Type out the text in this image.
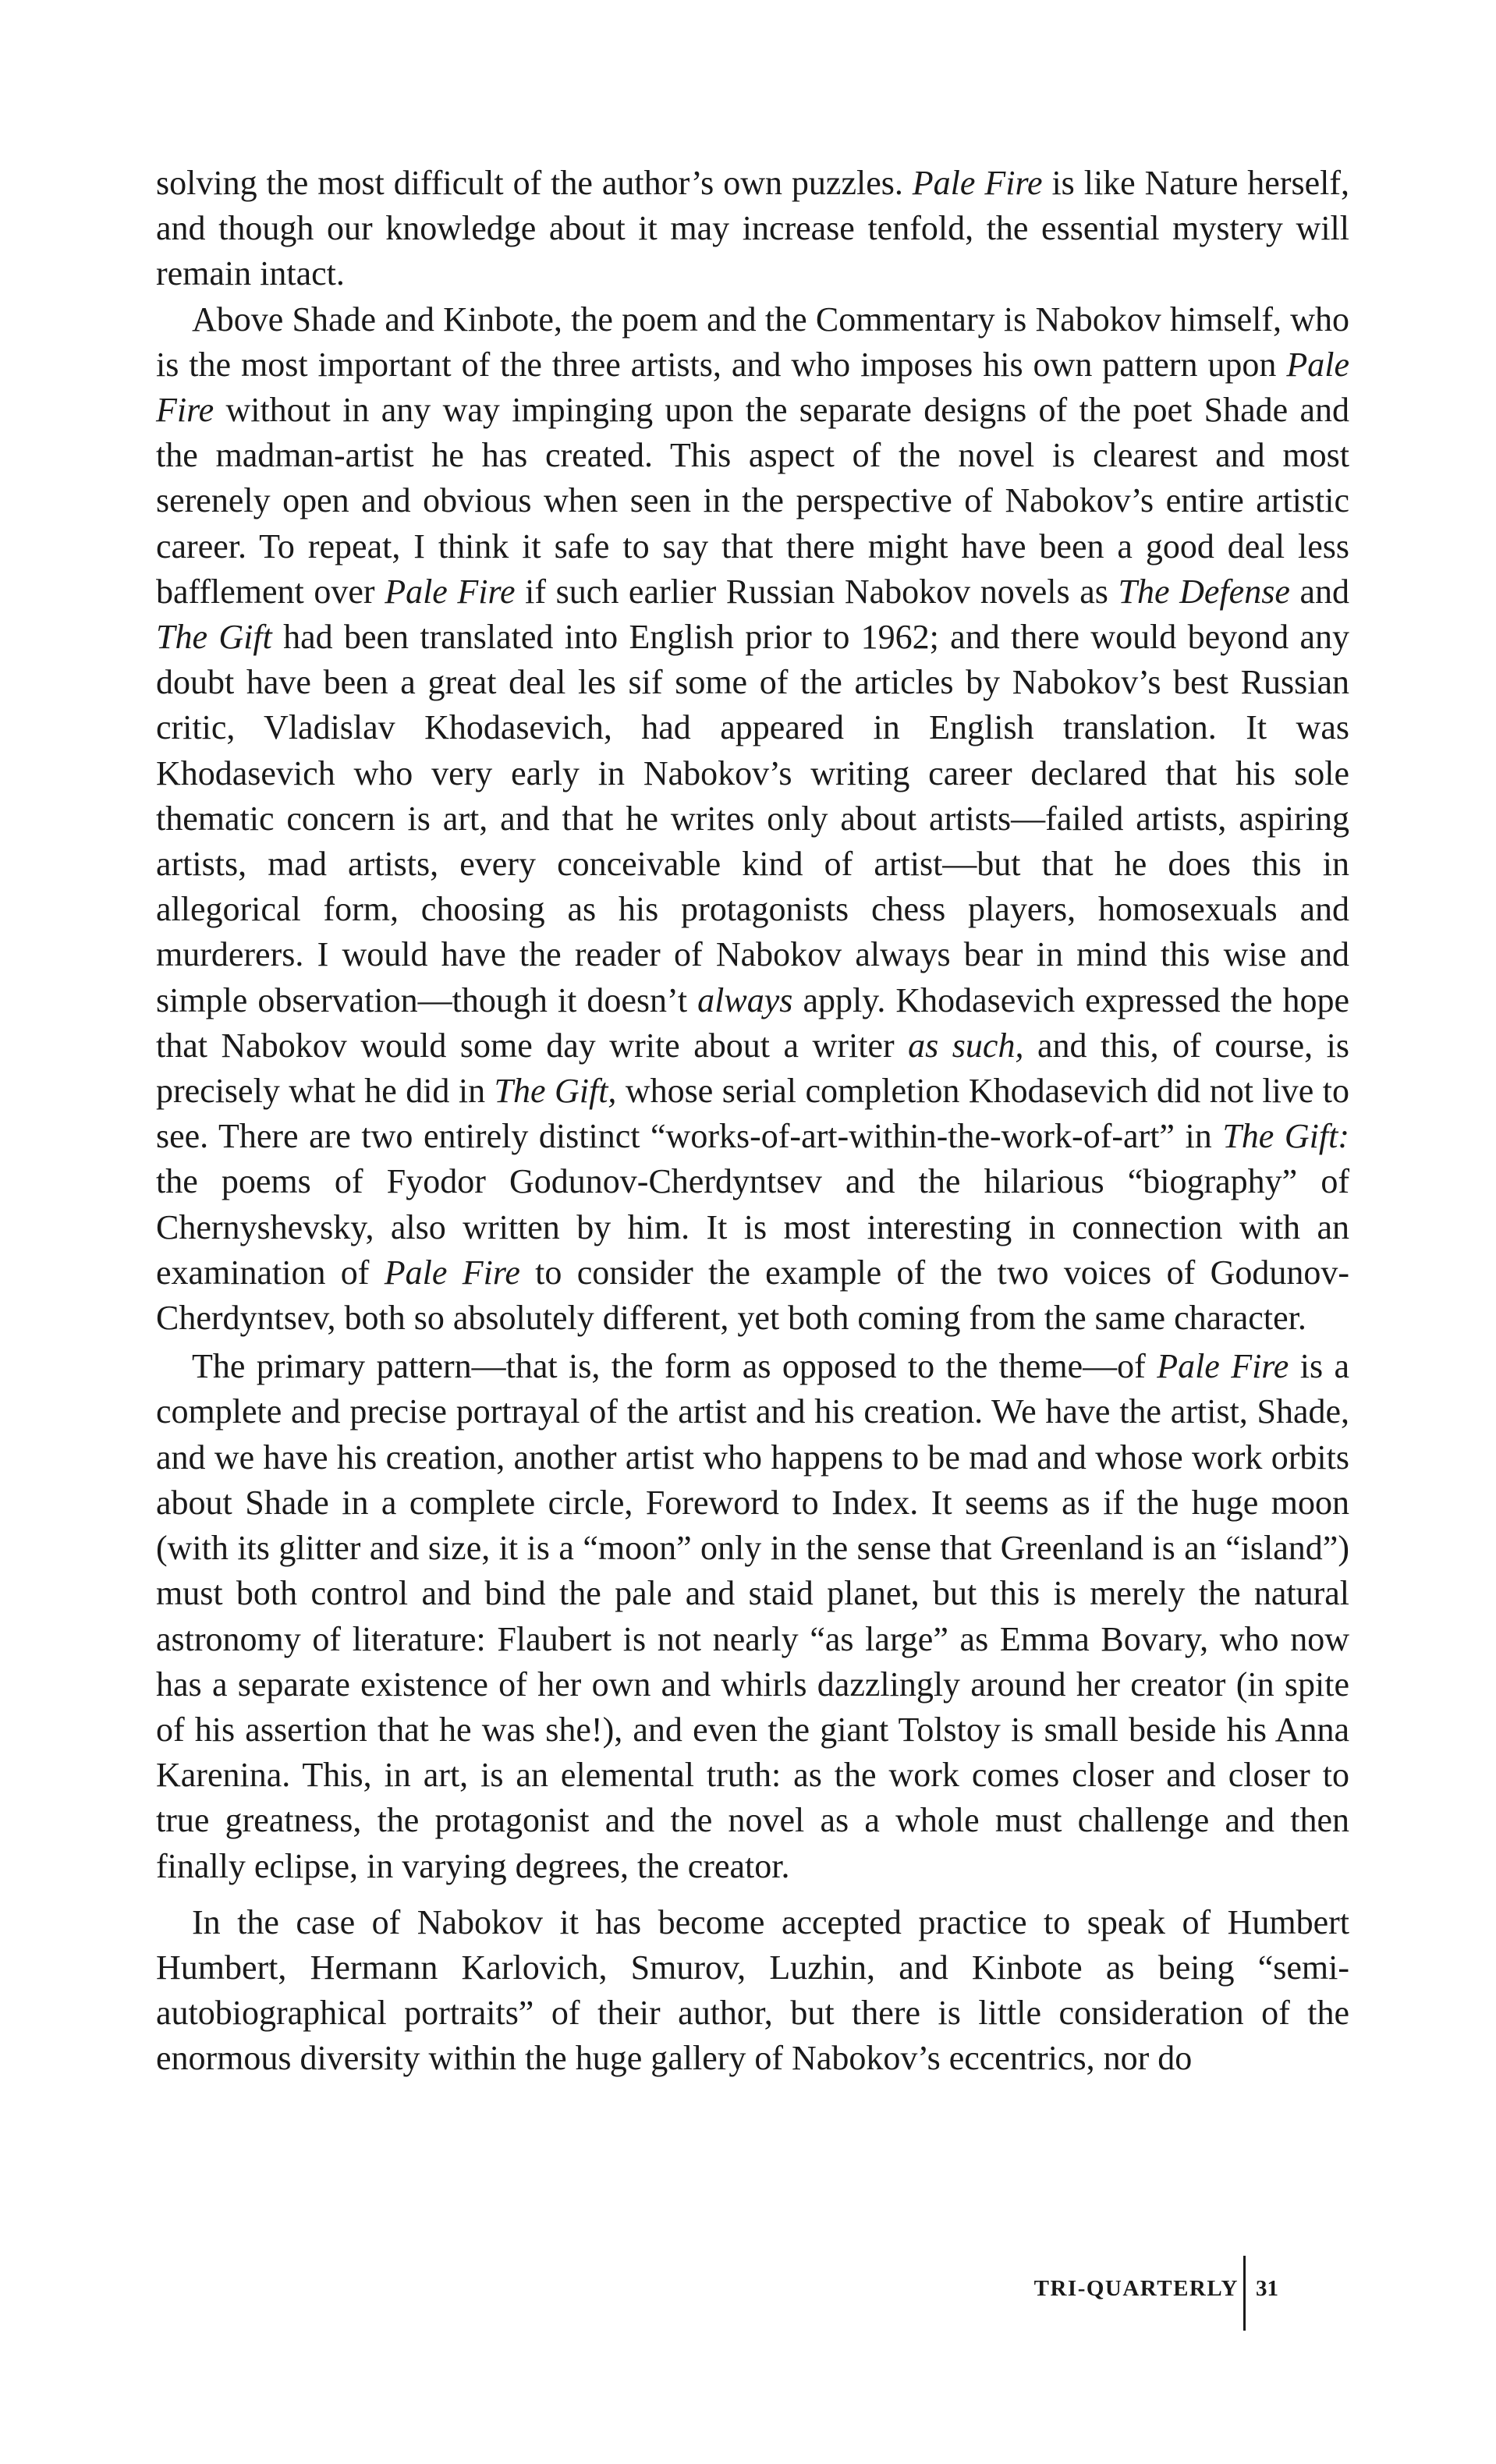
solving the most difficult of the author’s own puzzles. Pale Fire is like Nature herself, and though our knowledge about it may increase tenfold, the essential mystery will remain intact.

Above Shade and Kinbote, the poem and the Commentary is Nabokov himself, who is the most important of the three artists, and who imposes his own pattern upon Pale Fire without in any way impinging upon the separate designs of the poet Shade and the madman-artist he has created. This aspect of the novel is clearest and most serenely open and obvious when seen in the perspective of Nabokov’s entire artistic career. To repeat, I think it safe to say that there might have been a good deal less bafflement over Pale Fire if such earlier Russian Nabokov novels as The Defense and The Gift had been translated into English prior to 1962; and there would beyond any doubt have been a great deal les sif some of the articles by Nabokov’s best Russian critic, Vladislav Khodasevich, had appeared in English translation. It was Khodasevich who very early in Nabokov’s writing career declared that his sole thematic concern is art, and that he writes only about artists—failed artists, aspiring artists, mad artists, every conceivable kind of artist—but that he does this in allegorical form, choosing as his protagonists chess players, homosexuals and murderers. I would have the reader of Nabokov always bear in mind this wise and simple observation—though it doesn’t always apply. Khodasevich expressed the hope that Nabokov would some day write about a writer as such, and this, of course, is precisely what he did in The Gift, whose serial completion Khodasevich did not live to see. There are two entirely distinct “works-of-art-within-the-work-of-art” in The Gift: the poems of Fyodor Godunov-Cherdyntsev and the hilarious “biography” of Chernyshevsky, also written by him. It is most interesting in connection with an examination of Pale Fire to consider the example of the two voices of Godunov-Cherdyntsev, both so absolutely different, yet both coming from the same character.

The primary pattern—that is, the form as opposed to the theme—of Pale Fire is a complete and precise portrayal of the artist and his creation. We have the artist, Shade, and we have his creation, another artist who happens to be mad and whose work orbits about Shade in a complete circle, Foreword to Index. It seems as if the huge moon (with its glitter and size, it is a “moon” only in the sense that Greenland is an “island”) must both control and bind the pale and staid planet, but this is merely the natural astronomy of literature: Flaubert is not nearly “as large” as Emma Bovary, who now has a separate existence of her own and whirls dazzlingly around her creator (in spite of his assertion that he was she!), and even the giant Tolstoy is small beside his Anna Karenina. This, in art, is an elemental truth: as the work comes closer and closer to true greatness, the protagonist and the novel as a whole must challenge and then finally eclipse, in varying degrees, the creator.

In the case of Nabokov it has become accepted practice to speak of Humbert Humbert, Hermann Karlovich, Smurov, Luzhin, and Kinbote as being “semi-autobiographical portraits” of their author, but there is little consideration of the enormous diversity within the huge gallery of Nabokov’s eccentrics, nor do

TRI-QUARTERLY 31
